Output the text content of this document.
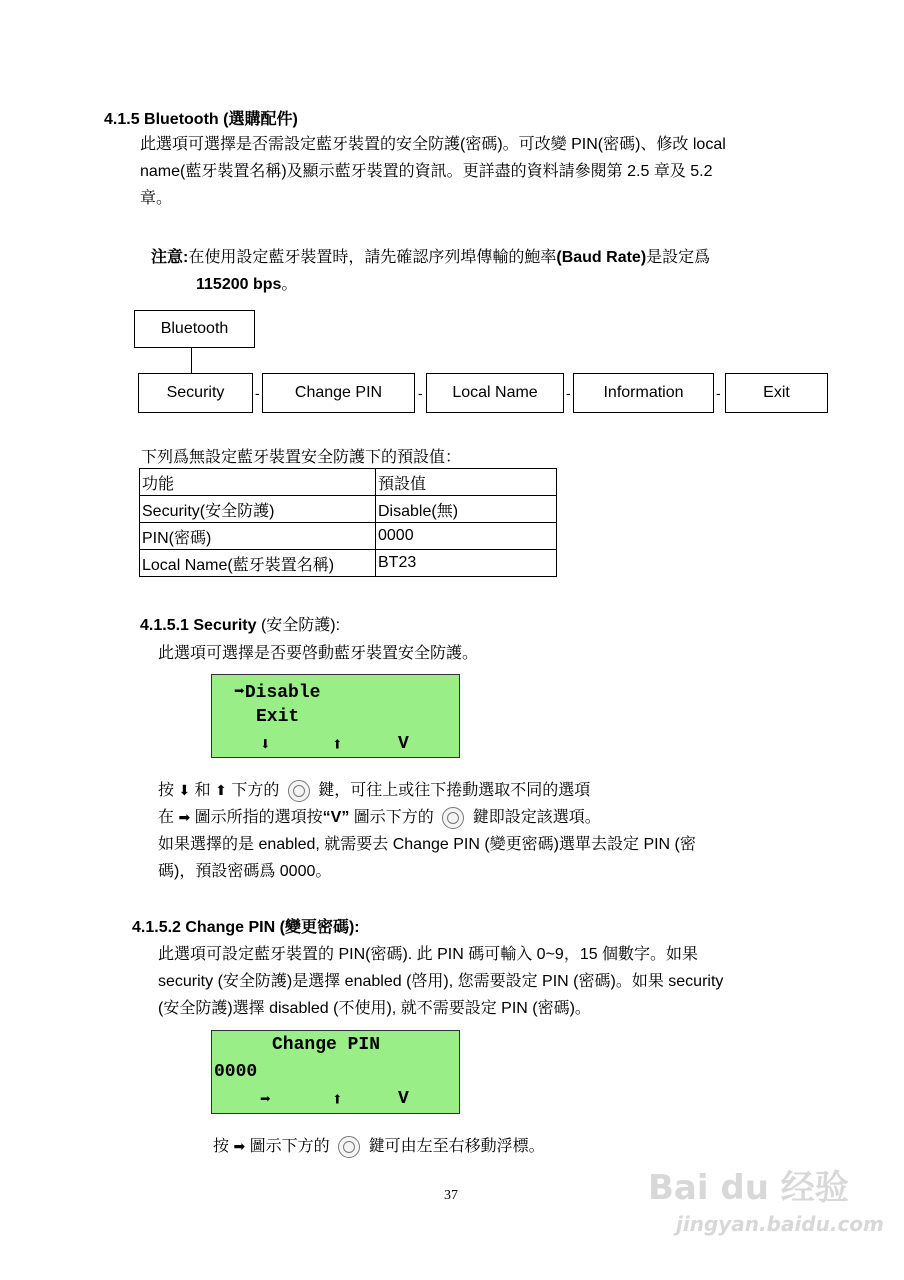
4.1.5 Bluetooth (選購配件)
此選項可選擇是否需設定藍牙裝置的安全防護(密碼)。可改變 PIN(密碼)、修改 local
name(藍牙裝置名稱)及顯示藍牙裝置的資訊。更詳盡的資料請參閱第 2.5 章及 5.2
章。
注意:在使用設定藍牙裝置時，請先確認序列埠傳輸的鮑率(Baud Rate)是設定爲
115200 bps。
Bluetooth
Security	-	Change PIN	-	Local Name	-	Information	-	Exit
下列爲無設定藍牙裝置安全防護下的預設值：
功能	預設值
Security(安全防護)	Disable(無)
PIN(密碼)	0000
Local Name(藍牙裝置名稱)	BT23
4.1.5.1 Security (安全防護):
此選項可選擇是否要啓動藍牙裝置安全防護。
➡Disable
Exit
⬇	⬆	V
按 ⬇ 和 ⬆ 下方的 鍵，可往上或往下捲動選取不同的選項
在 ➡ 圖示所指的選項按“V” 圖示下方的 鍵即設定該選項。
如果選擇的是 enabled, 就需要去 Change PIN (變更密碼)選單去設定 PIN (密
碼)，預設密碼爲 0000。
4.1.5.2 Change PIN (變更密碼):
此選項可設定藍牙裝置的 PIN(密碼). 此 PIN 碼可輸入 0~9，15 個數字。如果
security (安全防護)是選擇 enabled (啓用), 您需要設定 PIN (密碼)。如果 security
(安全防護)選擇 disabled (不使用), 就不需要設定 PIN (密碼)。
Change PIN
0000
➡	⬆	V
按 ➡ 圖示下方的 鍵可由左至右移動浮標。
37	Bai du 经验
jingyan.baidu.com
